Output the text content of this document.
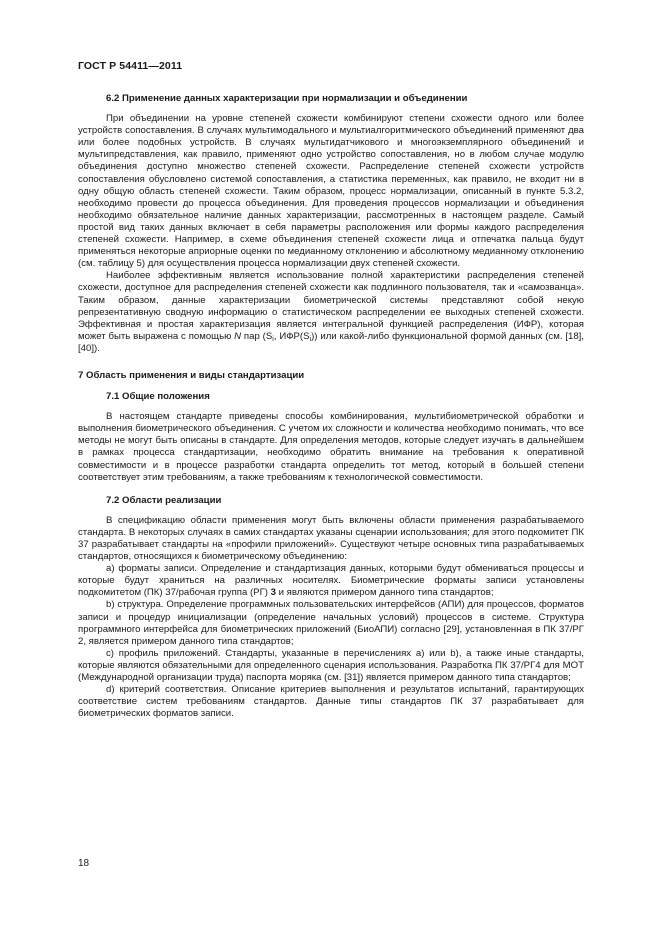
ГОСТ Р 54411—2011

6.2 Применение данных характеризации при нормализации и объединении

При объединении на уровне степеней схожести комбинируют степени схожести одного или более устройств сопоставления. В случаях мультимодального и мультиалгоритмического объединений применяют два или более подобных устройств. В случаях мультидатчикового и многоэкземплярного объединений и мультипредставления, как правило, применяют одно устройство сопоставления, но в любом случае модулю объединения доступно множество степеней схожести. Распределение степеней схожести устройств сопоставления обусловлено системой сопоставления, а статистика переменных, как правило, не входит ни в одну общую область степеней схожести. Таким образом, процесс нормализации, описанный в пункте 5.3.2, необходимо провести до процесса объединения. Для проведения процессов нормализации и объединения необходимо обязательное наличие данных характеризации, рассмотренных в настоящем разделе. Самый простой вид таких данных включает в себя параметры расположения или формы каждого распределения степеней схожести. Например, в схеме объединения степеней схожести лица и отпечатка пальца будут применяться некоторые априорные оценки по медианному отклонению и абсолютному медианному отклонению (см. таблицу 5) для осуществления процесса нормализации двух степеней схожести.

Наиболее эффективным является использование полной характеристики распределения степеней схожести, доступное для распределения степеней схожести как подлинного пользователя, так и «самозванца». Таким образом, данные характеризации биометрической системы представляют собой некую репрезентативную сводную информацию о статистическом распределении ее выходных степеней схожести. Эффективная и простая характеризация является интегральной функцией распределения (ИФР), которая может быть выражена с помощью N пар ($S_i$, $ИФР(S_i)$) или какой-либо функциональной формой данных (см. [18], [40]).

7 Область применения и виды стандартизации

7.1 Общие положения

В настоящем стандарте приведены способы комбинирования, мультибиометрической обработки и выполнения биометрического объединения. С учетом их сложности и количества необходимо понимать, что все методы не могут быть описаны в стандарте. Для определения методов, которые следует изучать в дальнейшем в рамках процесса стандартизации, необходимо обратить внимание на требования к оперативной совместимости и в процессе разработки стандарта определить тот метод, который в большей степени соответствует этим требованиям, а также требованиям к технологической совместимости.

7.2 Области реализации

В спецификацию области применения могут быть включены области применения разрабатываемого стандарта. В некоторых случаях в самих стандартах указаны сценарии использования; для этого подкомитет ПК 37 разрабатывает стандарты на «профили приложений». Существуют четыре основных типа разрабатываемых стандартов, относящихся к биометрическому объединению:

а) форматы записи. Определение и стандартизация данных, которыми будут обмениваться процессы и которые будут храниться на различных носителях. Биометрические форматы записи установлены подкомитетом (ПК) 37/рабочая группа (РГ) 3 и являются примером данного типа стандартов;

b) структура. Определение программных пользовательских интерфейсов (АПИ) для процессов, форматов записи и процедур инициализации (определение начальных условий) процессов в системе. Структура программного интерфейса для биометрических приложений (БиоАПИ) согласно [29], установленная в ПК 37/РГ 2, является примером данного типа стандартов;

с) профиль приложений. Стандарты, указанные в перечислениях а) или b), а также иные стандарты, которые являются обязательными для определенного сценария использования. Разработка ПК 37/РГ4 для МОТ (Международной организации труда) паспорта моряка (см. [31]) является примером данного типа стандартов;

d) критерий соответствия. Описание критериев выполнения и результатов испытаний, гарантирующих соответствие систем требованиям стандартов. Данные типы стандартов ПК 37 разрабатывает для биометрических форматов записи.

18
